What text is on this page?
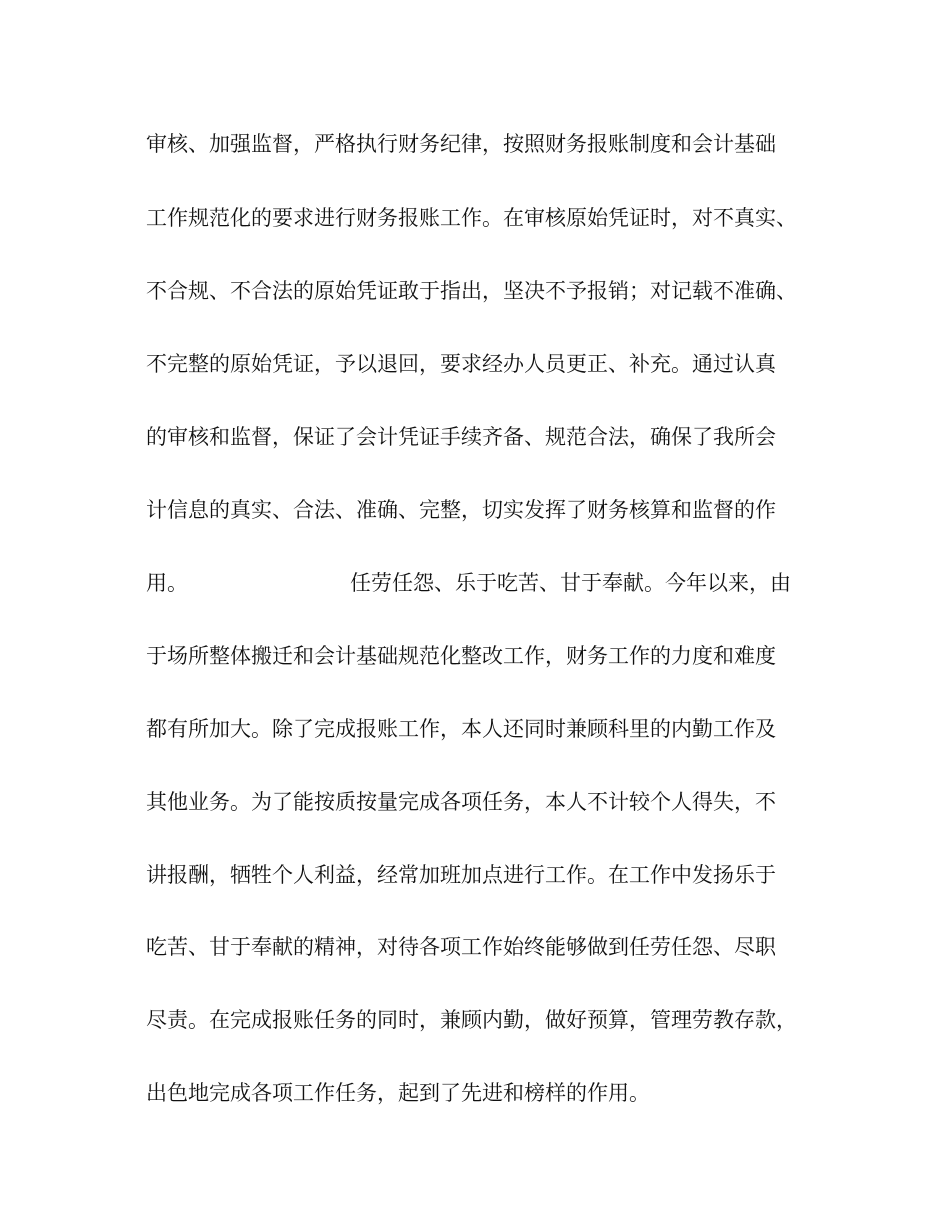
审核、加强监督，严格执行财务纪律，按照财务报账制度和会计基础
工作规范化的要求进行财务报账工作。在审核原始凭证时，对不真实、
不合规、不合法的原始凭证敢于指出，坚决不予报销；对记载不准确、
不完整的原始凭证，予以退回，要求经办人员更正、补充。通过认真
的审核和监督，保证了会计凭证手续齐备、规范合法，确保了我所会
计信息的真实、合法、准确、完整，切实发挥了财务核算和监督的作
用。	任劳任怨、乐于吃苦、甘于奉献。今年以来，由
于场所整体搬迁和会计基础规范化整改工作，财务工作的力度和难度
都有所加大。除了完成报账工作，本人还同时兼顾科里的内勤工作及
其他业务。为了能按质按量完成各项任务，本人不计较个人得失，不
讲报酬，牺牲个人利益，经常加班加点进行工作。在工作中发扬乐于
吃苦、甘于奉献的精神，对待各项工作始终能够做到任劳任怨、尽职
尽责。在完成报账任务的同时，兼顾内勤，做好预算，管理劳教存款，
出色地完成各项工作任务，起到了先进和榜样的作用。
